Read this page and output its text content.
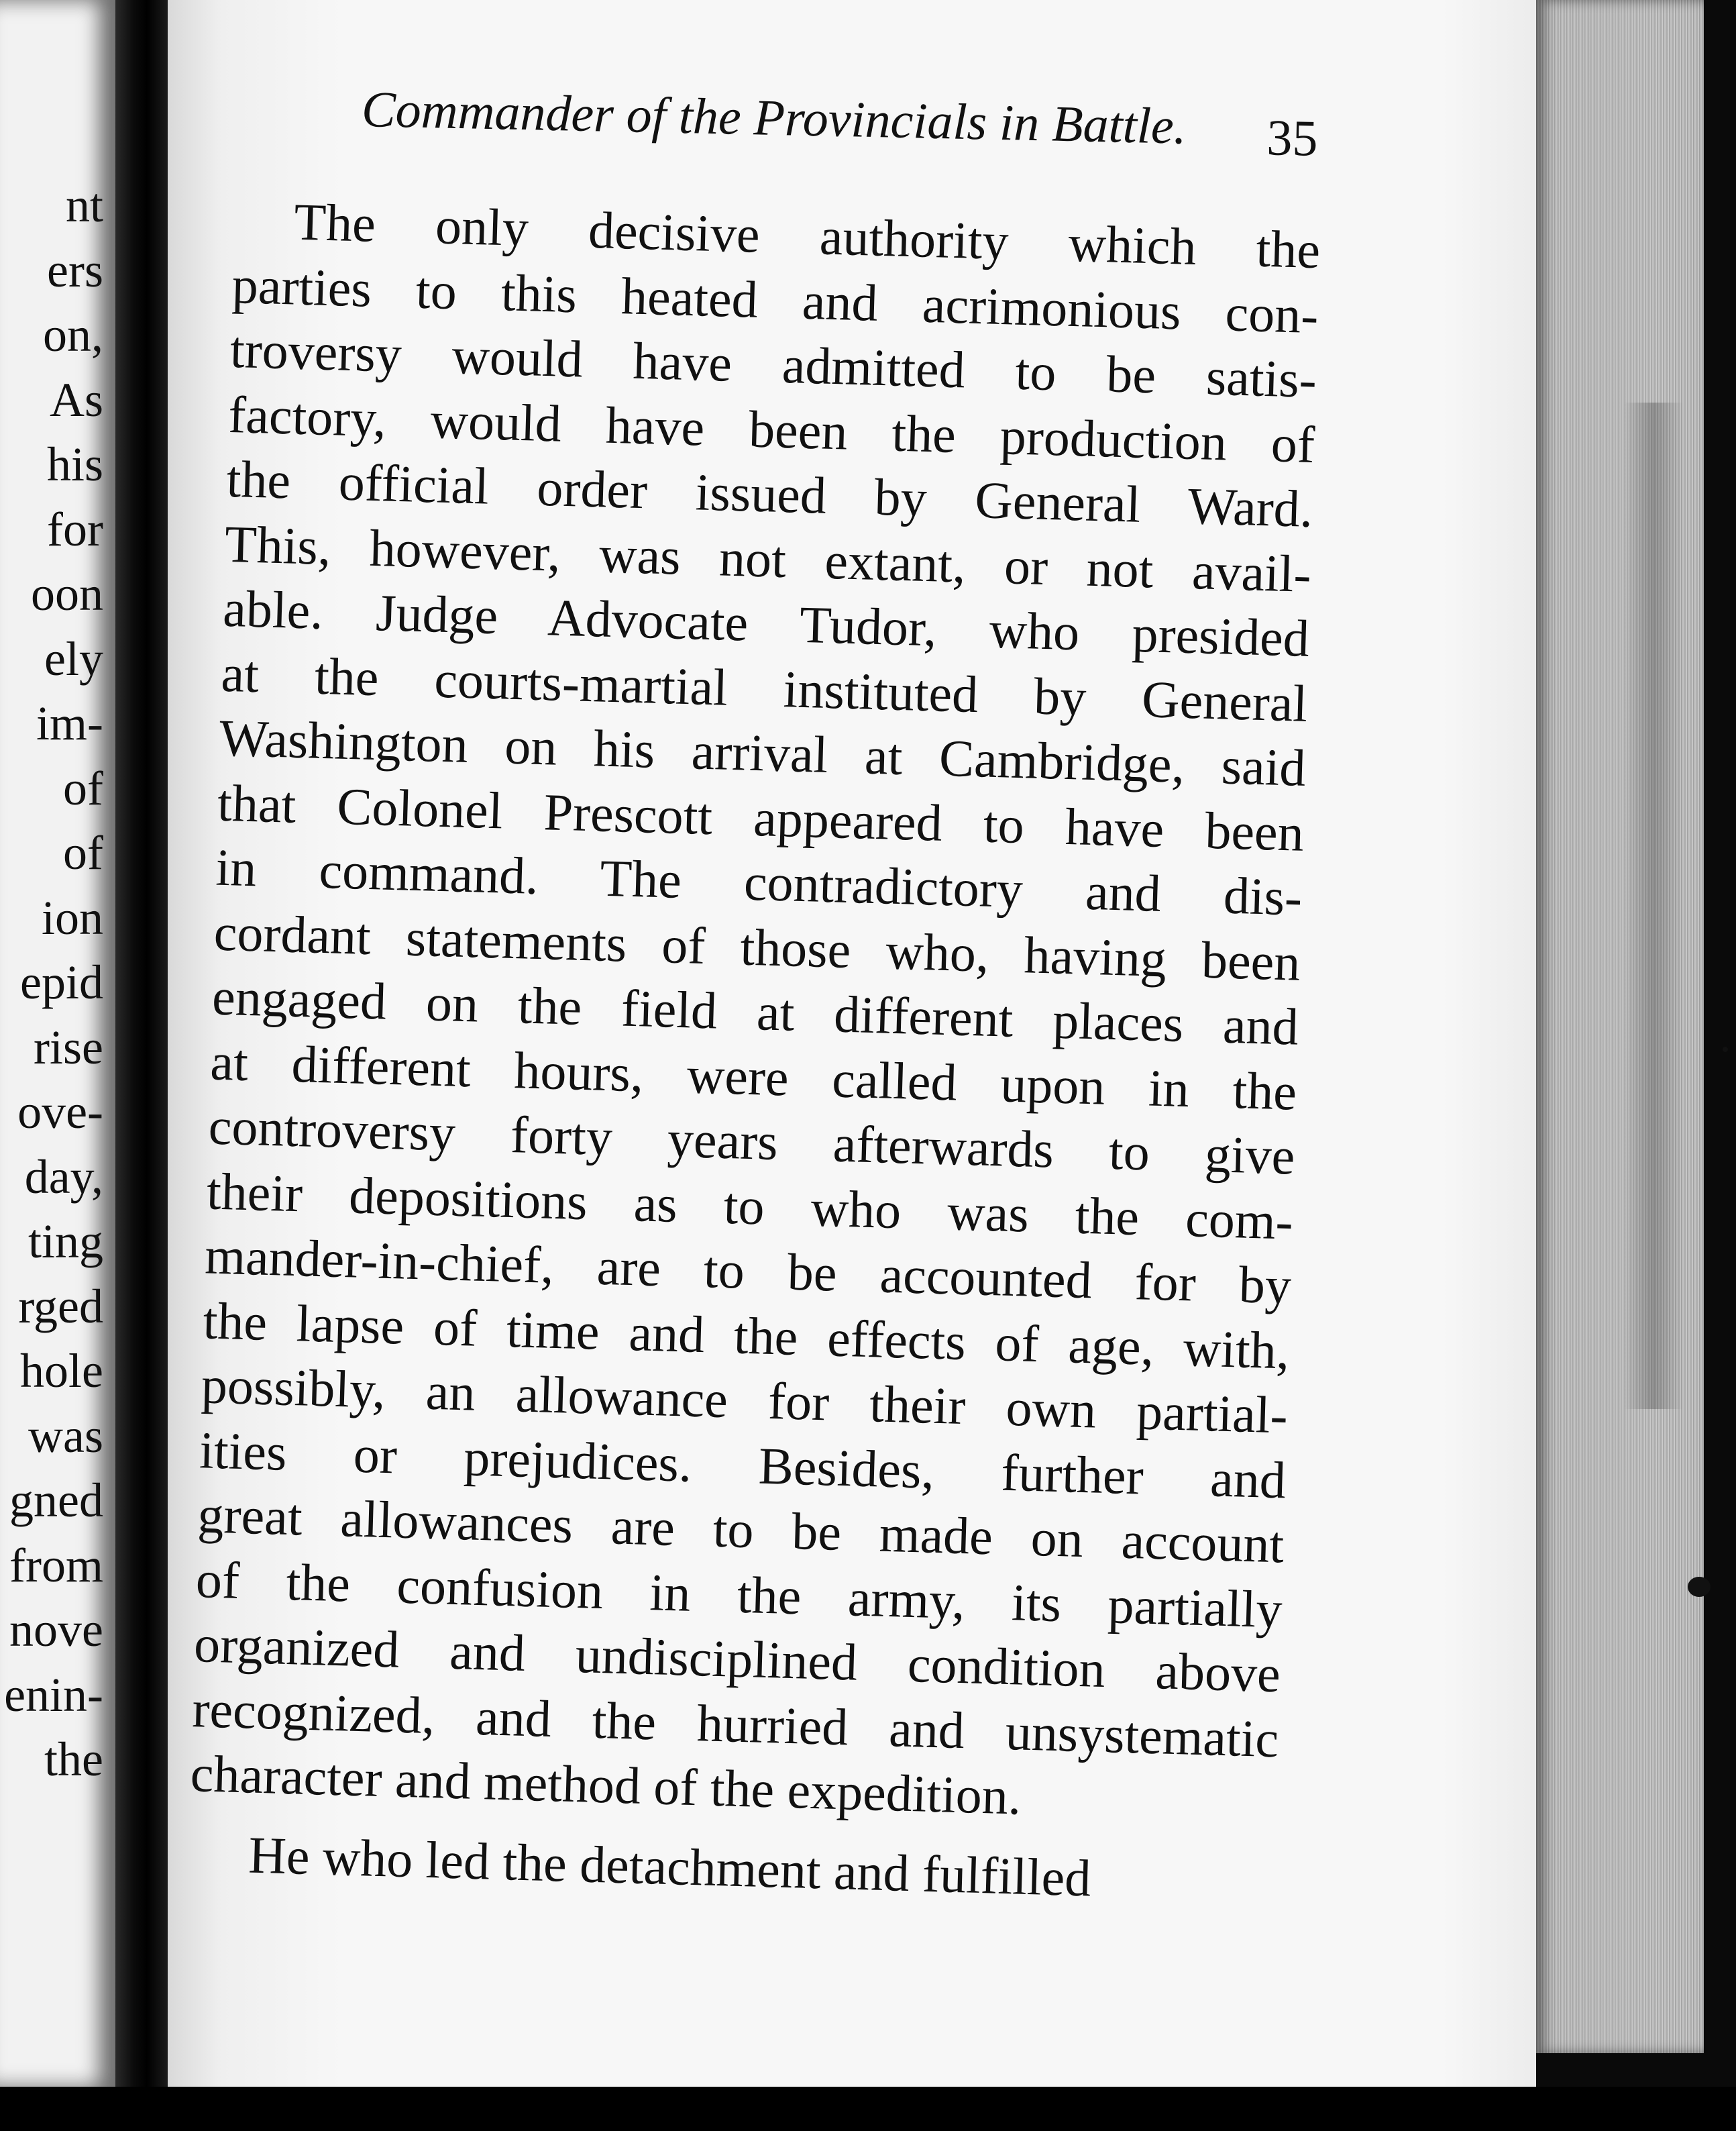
nt
ers
on,
As
his
for
oon
ely
im-
of
of
ion
epid
rise
ove-
day,
ting
rged
hole
was
gned
from
nove
enin-
the
Commander of the Provincials in Battle. 35
The only decisive authority which the
parties to this heated and acrimonious con-
troversy would have admitted to be satis-
factory, would have been the production of
the official order issued by General Ward.
This, however, was not extant, or not avail-
able. Judge Advocate Tudor, who presided
at the courts-martial instituted by General
Washington on his arrival at Cambridge, said
that Colonel Prescott appeared to have been
in command. The contradictory and dis-
cordant statements of those who, having been
engaged on the field at different places and
at different hours, were called upon in the
controversy forty years afterwards to give
their depositions as to who was the com-
mander-in-chief, are to be accounted for by
the lapse of time and the effects of age, with,
possibly, an allowance for their own partial-
ities or prejudices. Besides, further and
great allowances are to be made on account
of the confusion in the army, its partially
organized and undisciplined condition above
recognized, and the hurried and unsystematic
character and method of the expedition.
He who led the detachment and fulfilled
